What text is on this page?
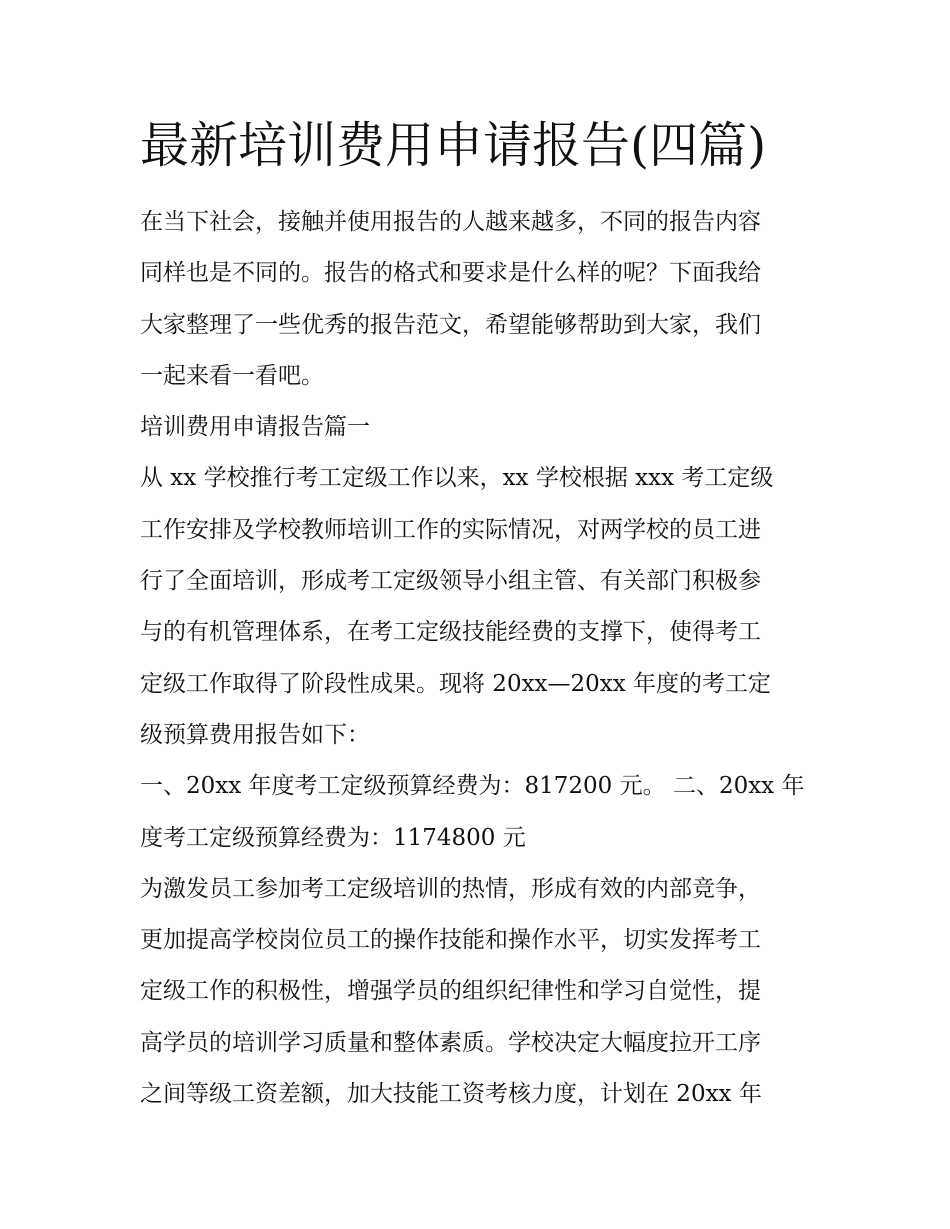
最新培训费用申请报告(四篇)

在当下社会，接触并使用报告的人越来越多，不同的报告内容

同样也是不同的。报告的格式和要求是什么样的呢？下面我给

大家整理了一些优秀的报告范文，希望能够帮助到大家，我们

一起来看一看吧。

培训费用申请报告篇一

从 xx 学校推行考工定级工作以来，xx 学校根据 xxx 考工定级

工作安排及学校教师培训工作的实际情况，对两学校的员工进

行了全面培训，形成考工定级领导小组主管、有关部门积极参

与的有机管理体系，在考工定级技能经费的支撑下，使得考工

定级工作取得了阶段性成果。现将 20xx—20xx 年度的考工定

级预算费用报告如下：

一、20xx 年度考工定级预算经费为：817200 元。 二、20xx 年

度考工定级预算经费为：1174800 元

为激发员工参加考工定级培训的热情，形成有效的内部竞争，

更加提高学校岗位员工的操作技能和操作水平，切实发挥考工

定级工作的积极性，增强学员的组织纪律性和学习自觉性，提

高学员的培训学习质量和整体素质。学校决定大幅度拉开工序

之间等级工资差额，加大技能工资考核力度，计划在 20xx 年
